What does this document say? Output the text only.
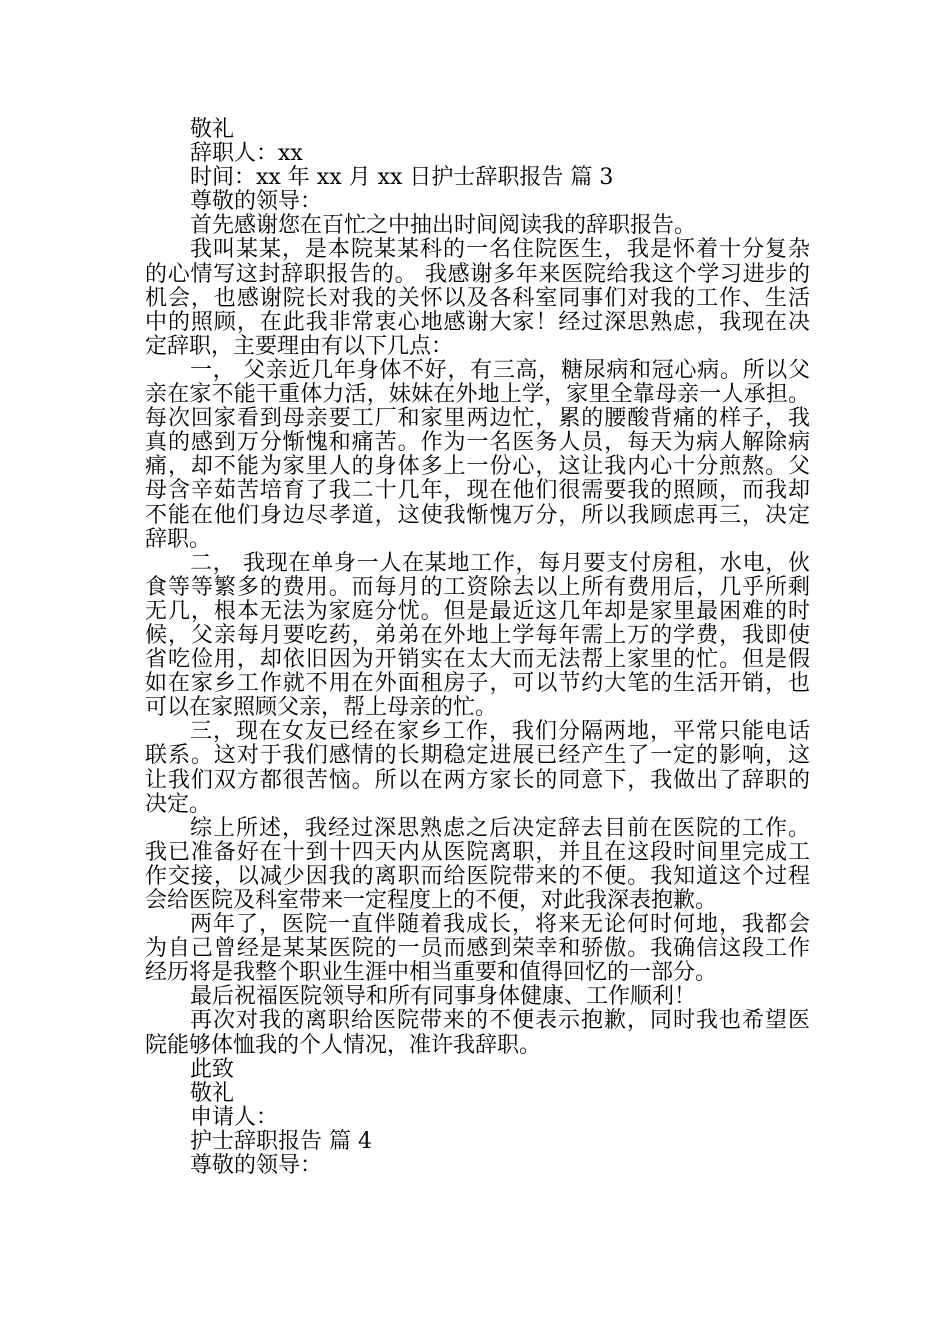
敬礼
辞职人：xx
时间：xx 年 xx 月 xx 日护士辞职报告 篇 3
尊敬的领导：
首先感谢您在百忙之中抽出时间阅读我的辞职报告。
我叫某某，是本院某某科的一名住院医生，我是怀着十分复杂
的心情写这封辞职报告的。 我感谢多年来医院给我这个学习进步的
机会，也感谢院长对我的关怀以及各科室同事们对我的工作、生活
中的照顾，在此我非常衷心地感谢大家！经过深思熟虑，我现在决
定辞职，主要理由有以下几点：
一， 父亲近几年身体不好，有三高，糖尿病和冠心病。所以父
亲在家不能干重体力活，妹妹在外地上学，家里全靠母亲一人承担。
每次回家看到母亲要工厂和家里两边忙，累的腰酸背痛的样子，我
真的感到万分惭愧和痛苦。作为一名医务人员，每天为病人解除病
痛，却不能为家里人的身体多上一份心，这让我内心十分煎熬。父
母含辛茹苦培育了我二十几年，现在他们很需要我的照顾，而我却
不能在他们身边尽孝道，这使我惭愧万分，所以我顾虑再三，决定
辞职。
二， 我现在单身一人在某地工作，每月要支付房租，水电，伙
食等等繁多的费用。而每月的工资除去以上所有费用后，几乎所剩
无几，根本无法为家庭分忧。但是最近这几年却是家里最困难的时
候，父亲每月要吃药，弟弟在外地上学每年需上万的学费，我即使
省吃俭用，却依旧因为开销实在太大而无法帮上家里的忙。但是假
如在家乡工作就不用在外面租房子，可以节约大笔的生活开销，也
可以在家照顾父亲，帮上母亲的忙。
三，现在女友已经在家乡工作，我们分隔两地，平常只能电话
联系。这对于我们感情的长期稳定进展已经产生了一定的影响，这
让我们双方都很苦恼。所以在两方家长的同意下，我做出了辞职的
决定。
综上所述，我经过深思熟虑之后决定辞去目前在医院的工作。
我已准备好在十到十四天内从医院离职，并且在这段时间里完成工
作交接，以减少因我的离职而给医院带来的不便。我知道这个过程
会给医院及科室带来一定程度上的不便，对此我深表抱歉。
两年了，医院一直伴随着我成长，将来无论何时何地，我都会
为自己曾经是某某医院的一员而感到荣幸和骄傲。我确信这段工作
经历将是我整个职业生涯中相当重要和值得回忆的一部分。
最后祝福医院领导和所有同事身体健康、工作顺利！
再次对我的离职给医院带来的不便表示抱歉，同时我也希望医
院能够体恤我的个人情况，准许我辞职。
此致
敬礼
申请人：
护士辞职报告 篇 4
尊敬的领导：
